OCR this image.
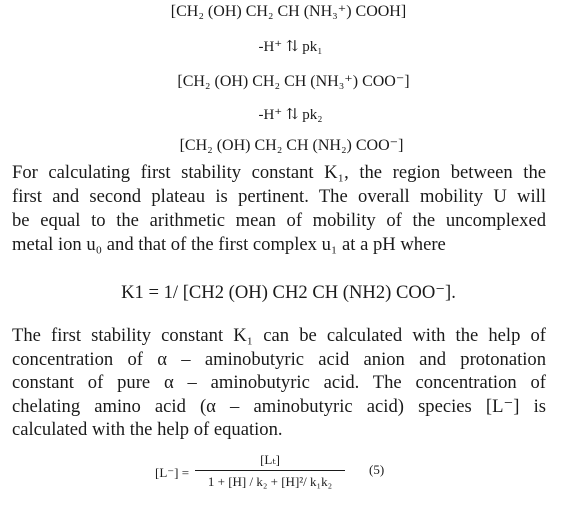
[CH₂ (OH) CH₂ CH (NH₃⁺) COOH]
-H⁺ ⇅ pk₁
[CH₂ (OH) CH₂ CH (NH₃⁺) COO⁻]
-H⁺ ⇅ pk₂
[CH₂ (OH) CH₂ CH (NH₂) COO⁻]
For calculating first stability constant K₁, the region between the
first and second plateau is pertinent. The overall mobility U will
be equal to the arithmetic mean of mobility of the uncomplexed
metal ion u₀ and that of the first complex u₁ at a pH where
K1 = 1/ [CH2 (OH) CH2 CH (NH2) COO⁻].
The first stability constant K₁ can be calculated with the help of
concentration of α – aminobutyric acid anion and protonation
constant of pure α – aminobutyric acid. The concentration of
chelating amino acid (α – aminobutyric acid) species [L⁻] is
calculated with the help of equation.
[L⁻] =
[Lₜ]
1 + [H] / k₂ + [H]²/ k₁k₂
(5)
